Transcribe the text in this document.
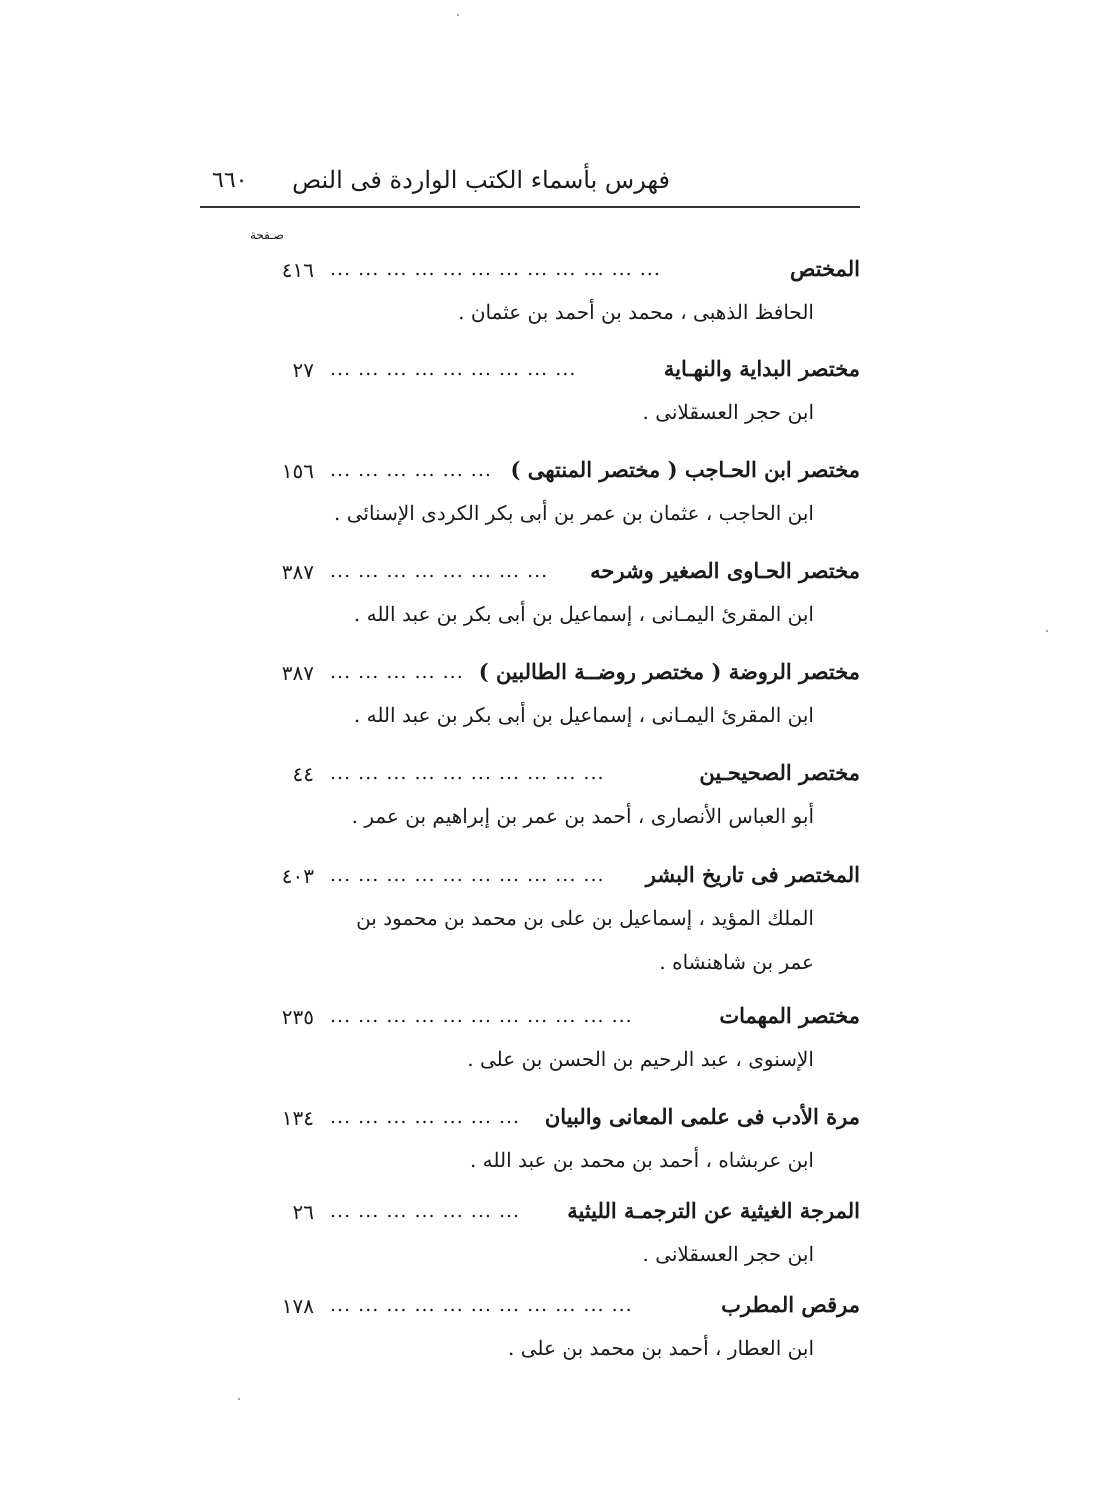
فهرس بأسماء الكتب الواردة فى النص
٦٦٠
صـفحة
المختص
... ... ... ... ... ... ... ... ... ... ... ...
٤١٦
الحافظ الذهبى ، محمد بن أحمد بن عثمان .
مختصر البداية والنهـاية
... ... ... ... ... ... ... ... ...
٢٧
ابن حجر العسقلانى .
مختصر ابن الحـاجب ( مختصر المنتهى )
... ... ... ... ... ...
١٥٦
ابن الحاجب ، عثمان بن عمر بن أبى بكر الكردى الإسنائى .
مختصر الحـاوى الصغير وشرحه
... ... ... ... ... ... ... ...
٣٨٧
ابن المقرئ اليمـانى ، إسماعيل بن أبى بكر بن عبد الله .
مختصر الروضة ( مختصر روضــة الطالبين )
... ... ... ... ...
٣٨٧
ابن المقرئ اليمـانى ، إسماعيل بن أبى بكر بن عبد الله .
مختصر الصحيحـين
... ... ... ... ... ... ... ... ... ...
٤٤
أبو العباس الأنصارى ، أحمد بن عمر بن إبراهيم بن عمر .
المختصر فى تاريخ البشر
... ... ... ... ... ... ... ... ... ...
٤٠٣
الملك المؤيد ، إسماعيل بن على بن محمد بن محمود بن عمر بن شاهنشاه .
مختصر المهمات
... ... ... ... ... ... ... ... ... ... ...
٢٣٥
الإسنوى ، عبد الرحيم بن الحسن بن على .
مرة الأدب فى علمى المعانى والبيان
... ... ... ... ... ... ...
١٣٤
ابن عربشاه ، أحمد بن محمد بن عبد الله .
المرجة الغيثية عن الترجمـة الليثية
... ... ... ... ... ... ...
٢٦
ابن حجر العسقلانى .
مرقص المطرب
... ... ... ... ... ... ... ... ... ... ...
١٧٨
ابن العطار ، أحمد بن محمد بن على .
